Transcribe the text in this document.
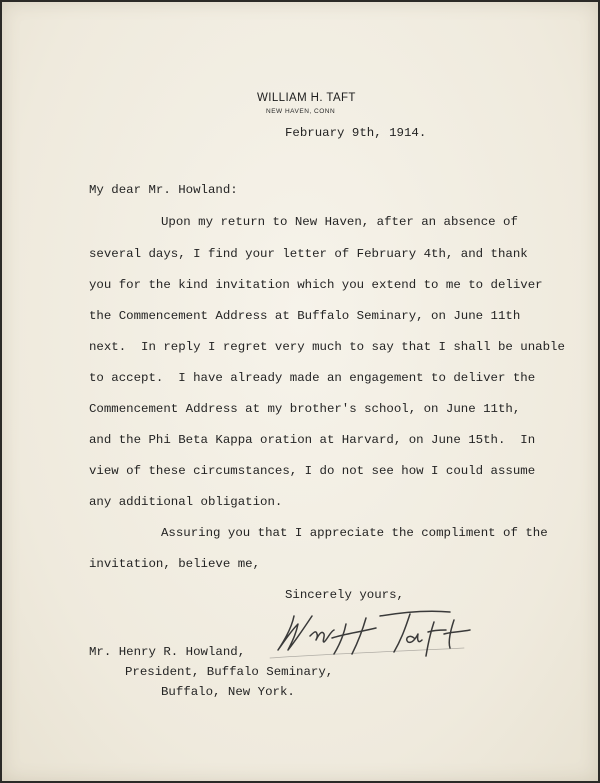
WILLIAM H. TAFT
NEW HAVEN, CONN
February 9th, 1914.
My dear Mr. Howland:
Upon my return to New Haven, after an absence of
several days, I find your letter of February 4th, and thank
you for the kind invitation which you extend to me to deliver
the Commencement Address at Buffalo Seminary, on June 11th
next.  In reply I regret very much to say that I shall be unable
to accept.  I have already made an engagement to deliver the
Commencement Address at my brother's school, on June 11th,
and the Phi Beta Kappa oration at Harvard, on June 15th.  In
view of these circumstances, I do not see how I could assume
any additional obligation.
Assuring you that I appreciate the compliment of the
invitation, believe me,
Sincerely yours,
Mr. Henry R. Howland,
President, Buffalo Seminary,
Buffalo, New York.
